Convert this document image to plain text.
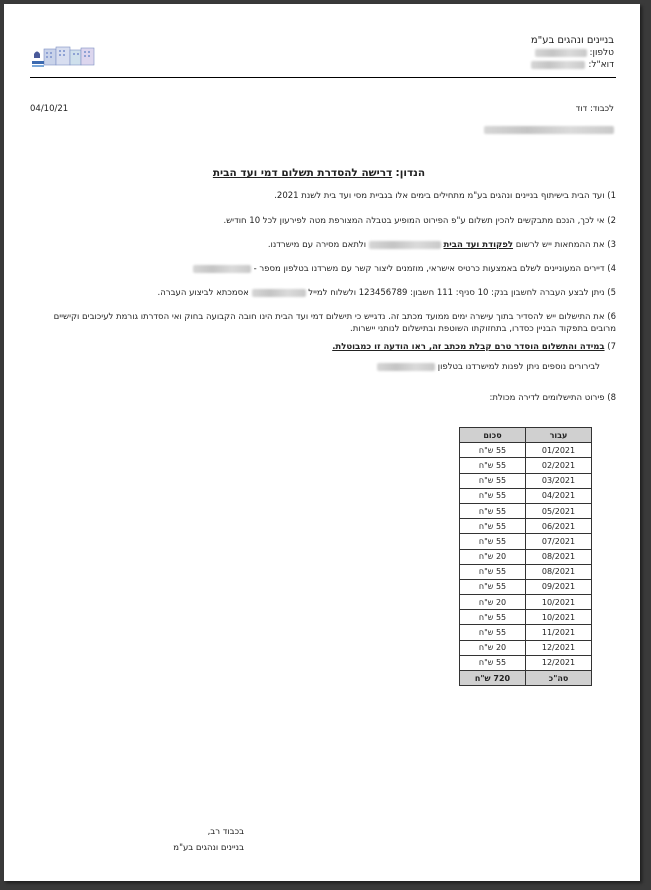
בניינים ונהגים בע"מ
טלפון:
דוא"ל:
04/10/21	לכבוד: דוד
הנדון: דרישה להסדרת תשלום דמי ועד הבית
1) ועד הבית בישיתוף בניינים ונהגים בע"מ מתחילים בימים אלו בגביית מסי ועד בית לשנת 2021.
2) אי לכך, הנכם מתבקשים להכין תשלום ע"פ הפירוט המופיע בטבלה המצורפת מטה לפירעון לכל 10 חודיש.
3) את ההמחאות ייש לרשום לפקודת ועד הבית  ולתאם מסירה עם מישרדנו.
4) דיירים המעוניינים לשלם באמצעות כרטיס אישראי, מוזמנים ליצור קשר עם משרדנו בטלפון מספר -
5) ניתן לבצע העברה לחשבון בנק: 10 סניף: 111 חשבון: 123456789 ולשלוח למייל  אסמכתא לביצוע העברה.
6) את התישלום ייש להסדיר בתוך עישרה ימים ממועד מכתב זה. נדגייש כי תישלום דמי ועד הבית הינו חובה הקבועה בחוק ואי הסדרתו גורמת לעיכובים וקישיים מרובים בתפקוד הבניין כסדרו, בתחזוקתו השוטפת ובתישלום לנותני יישרות.
7) במידה והתשלום הוסדר טרם קבלת מכתב זה, ראו הודעה זו כמבוטלת.
לבירורים נוספים ניתן לפנות למישרדנו בטלפון
8) פירוט התישלומים לדירה מכולת:
עבור	סכום
01/2021	55 ש"ח
02/2021	55 ש"ח
03/2021	55 ש"ח
04/2021	55 ש"ח
05/2021	55 ש"ח
06/2021	55 ש"ח
07/2021	55 ש"ח
08/2021	20 ש"ח
08/2021	55 ש"ח
09/2021	55 ש"ח
10/2021	20 ש"ח
10/2021	55 ש"ח
11/2021	55 ש"ח
12/2021	20 ש"ח
12/2021	55 ש"ח
סה"כ	720 ש"ח
בכבוד רב,
בניינים ונהגים בע"מ
